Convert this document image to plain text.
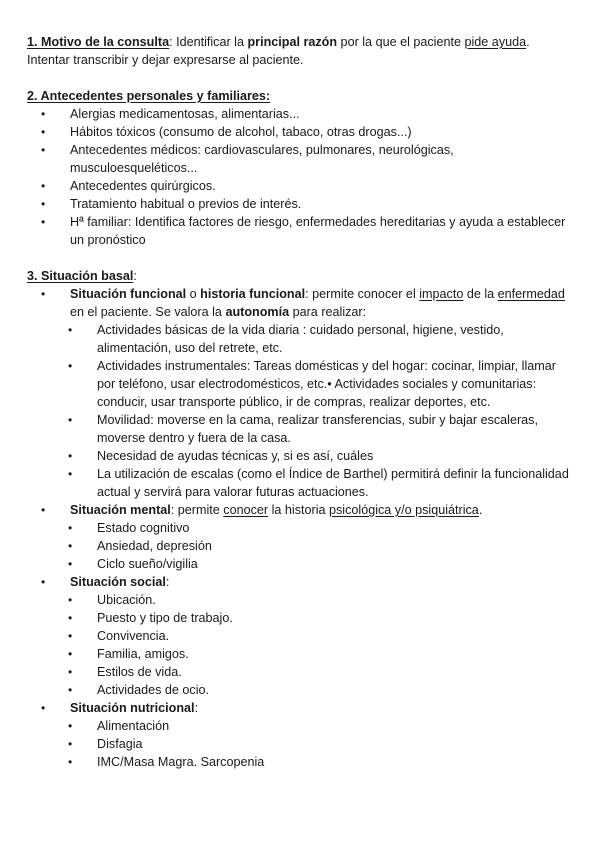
1. Motivo de la consulta: Identificar la principal razón por la que el paciente pide ayuda.

Intentar transcribir y dejar expresarse al paciente.

2. Antecedentes personales y familiares:

• Alergias medicamentosas, alimentarias...
• Hábitos tóxicos (consumo de alcohol, tabaco, otras drogas...)
• Antecedentes médicos: cardiovasculares, pulmonares, neurológicas, musculoesqueléticos...
• Antecedentes quirúrgicos.
• Tratamiento habitual o previos de interés.
• Hª familiar: Identifica factores de riesgo, enfermedades hereditarias y ayuda a establecer un pronóstico

3. Situación basal:

• Situación funcional o historia funcional: permite conocer el impacto de la enfermedad en el paciente. Se valora la autonomía para realizar:
• Actividades básicas de la vida diaria : cuidado personal, higiene, vestido, alimentación, uso del retrete, etc.
• Actividades instrumentales: Tareas domésticas y del hogar: cocinar, limpiar, llamar por teléfono, usar electrodomésticos, etc.• Actividades sociales y comunitarias: conducir, usar transporte público, ir de compras, realizar deportes, etc.
• Movilidad: moverse en la cama, realizar transferencias, subir y bajar escaleras, moverse dentro y fuera de la casa.
• Necesidad de ayudas técnicas y, si es así, cuáles
• La utilización de escalas (como el Índice de Barthel) permitirá definir la funcionalidad actual y servirá para valorar futuras actuaciones.
• Situación mental: permite conocer la historia psicológica y/o psiquiátrica.
• Estado cognitivo
• Ansiedad, depresión
• Ciclo sueño/vigilia
• Situación social:
• Ubicación.
• Puesto y tipo de trabajo.
• Convivencia.
• Familia, amigos.
• Estilos de vida.
• Actividades de ocio.
• Situación nutricional:
• Alimentación
• Disfagia
• IMC/Masa Magra. Sarcopenia
